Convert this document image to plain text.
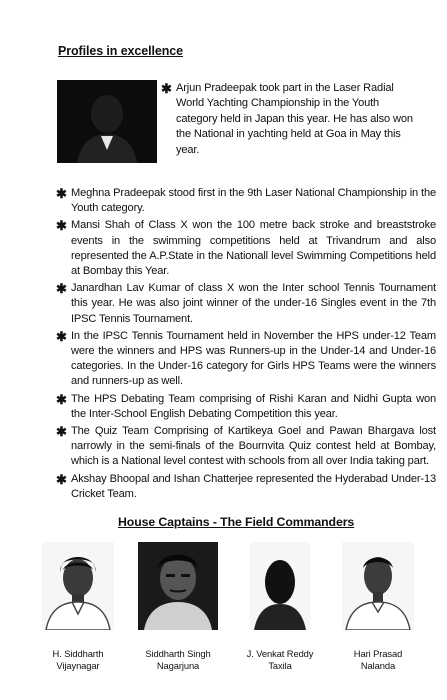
Profiles in excellence
✱ Arjun Pradeepak took part in the Laser Radial World Yachting Championship in the Youth category held in Japan this year. He has also won the National in yachting held at Goa in May this year.
✱ Meghna Pradeepak stood first in the 9th Laser National Championship in the Youth category.
✱ Mansi Shah of Class X won the 100 metre back stroke and breaststroke events in the swimming competitions held at Trivandrum and also represented the A.P.State in the Nationall level Swimming Competitions held at Bombay this Year.
✱ Janardhan Lav Kumar of class X won the Inter school Tennis Tournament this year. He was also joint winner of the under-16 Singles event in the 7th IPSC Tennis Tournament.
✱ In the IPSC Tennis Tournament held in November the HPS under-12 Team were the winners and HPS was Runners-up in the Under-14 and Under-16 categories. In the Under-16 category for Girls HPS Teams were the winners and runners-up as well.
✱ The HPS Debating Team comprising of Rishi Karan and Nidhi Gupta won the Inter-School English Debating Competition this year.
✱ The Quiz Team Comprising of Kartikeya Goel and Pawan Bhargava lost narrowly in the semi-finals of the Bournvita Quiz contest held at Bombay, which is a National level contest with schools from all over India taking part.
✱ Akshay Bhoopal and Ishan Chatterjee represented the Hyderabad Under-13 Cricket Team.
House Captains - The Field Commanders
H. Siddharth
Vijaynagar
Siddharth Singh
Nagarjuna
J. Venkat Reddy
Taxila
Hari Prasad
Nalanda
